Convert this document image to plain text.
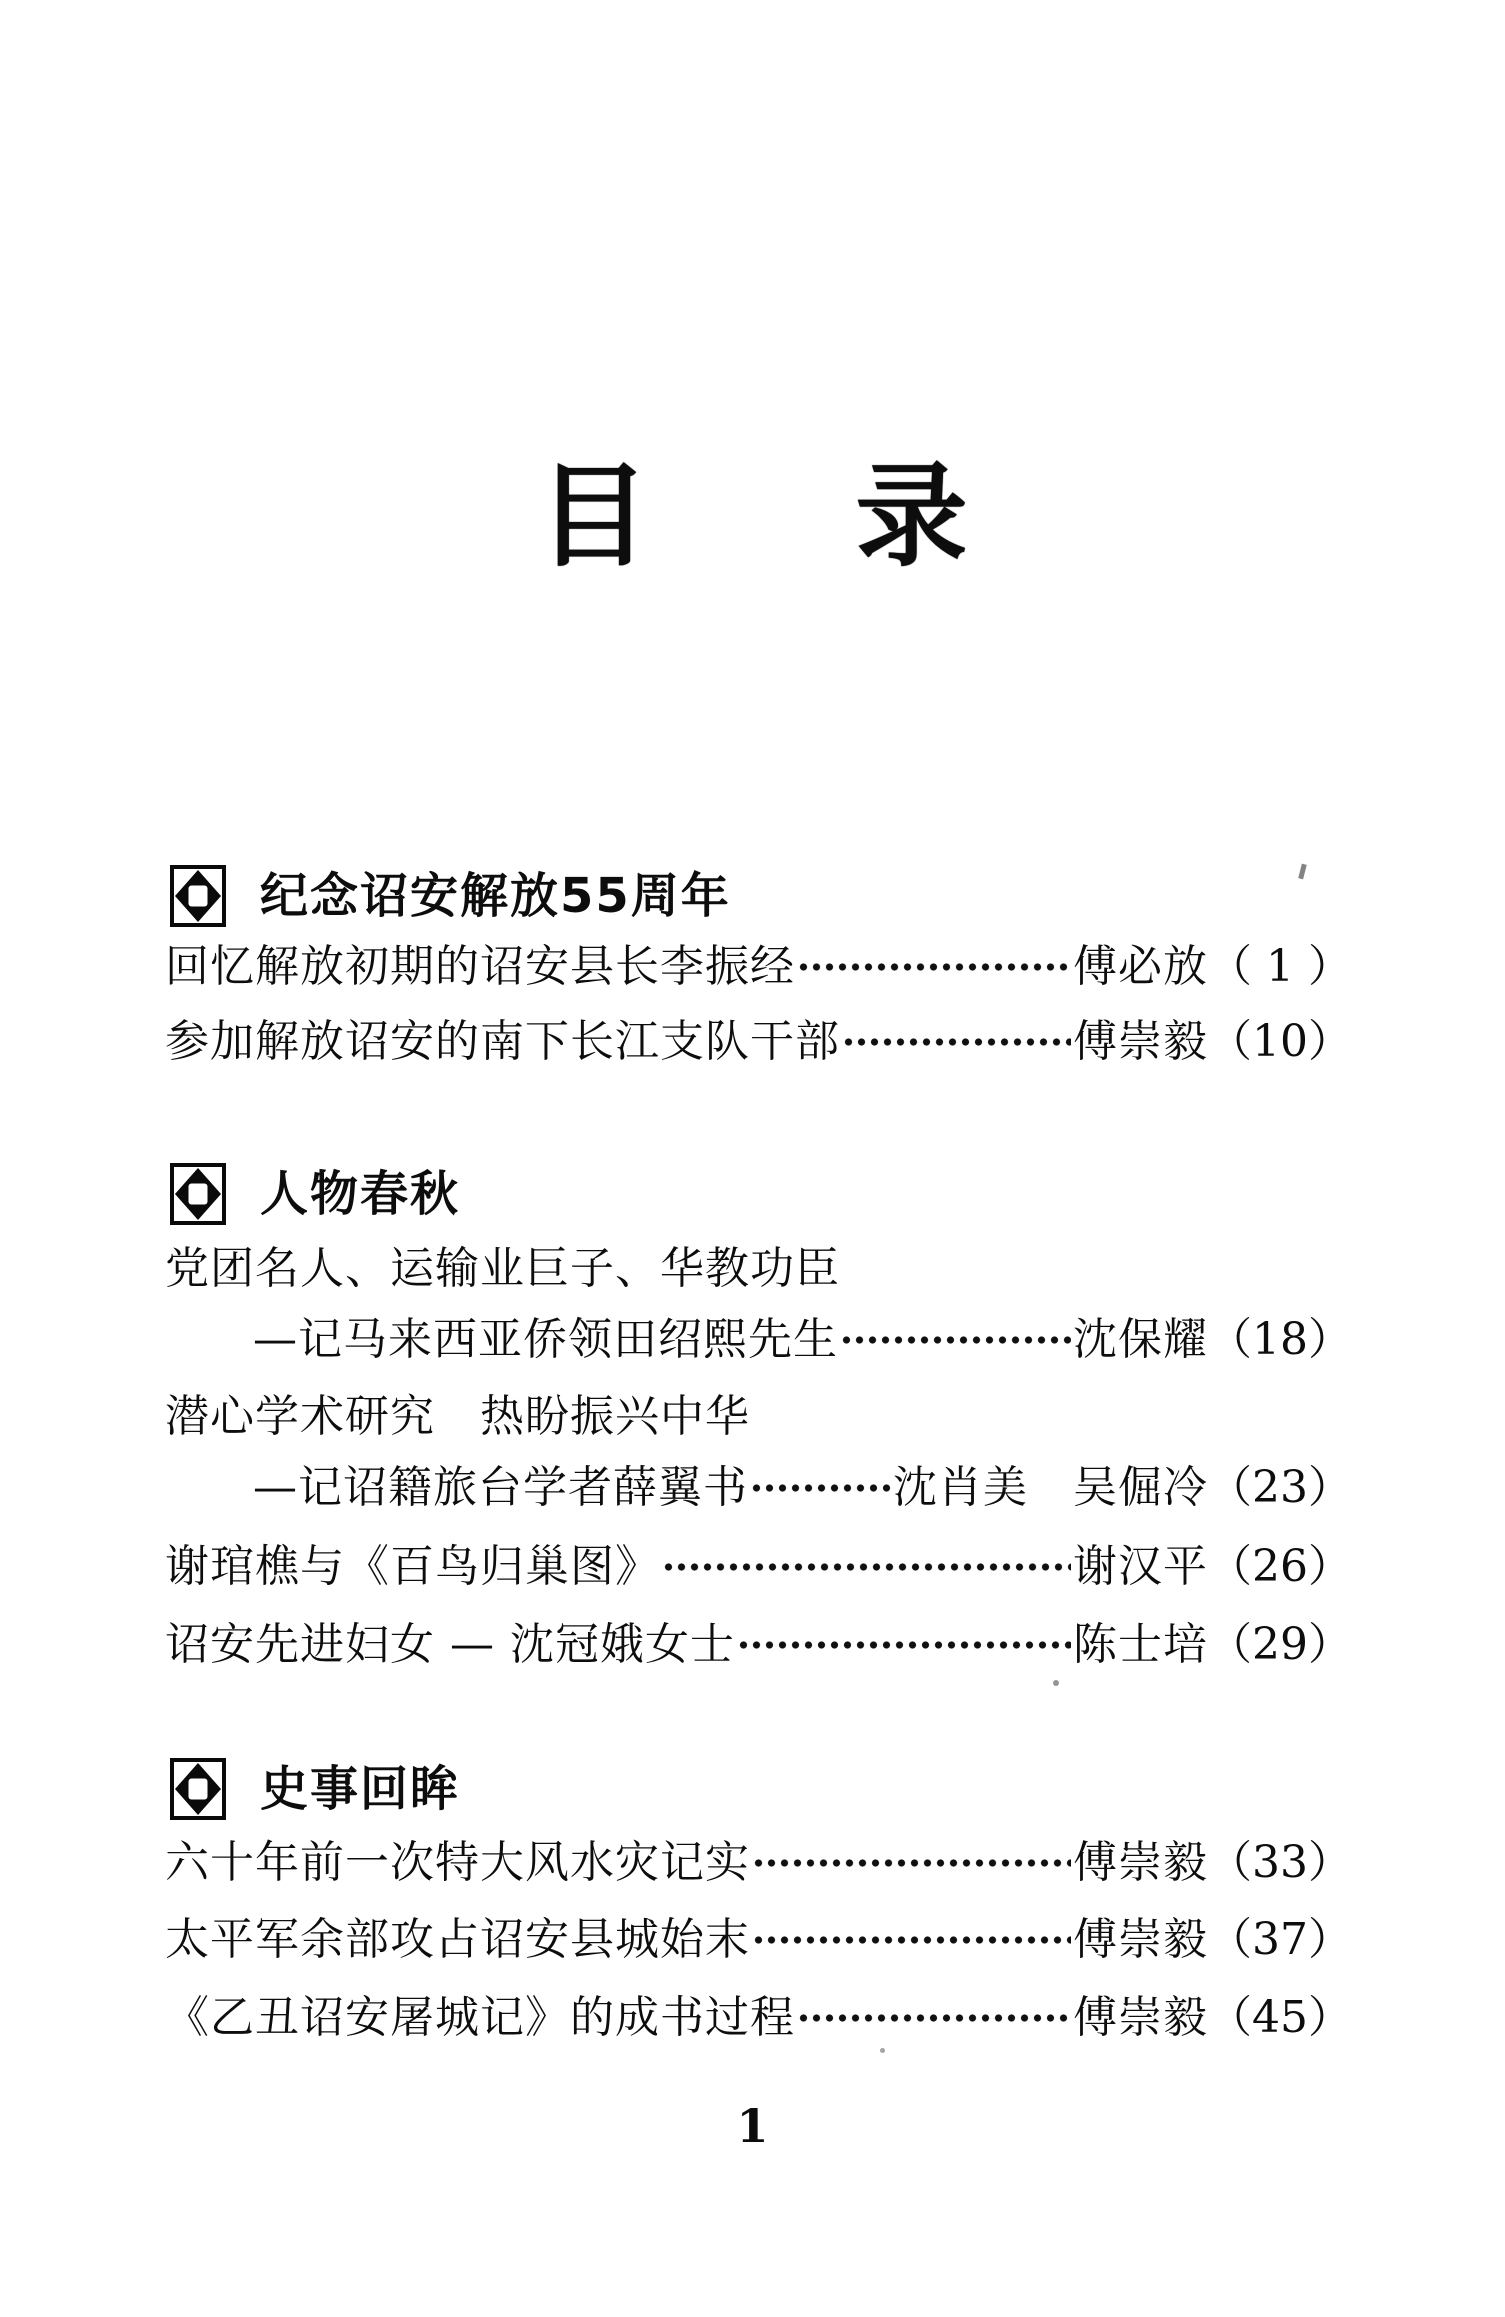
目 录
纪念诏安解放55周年
回忆解放初期的诏安县长李振经	傅必放 （ 1 ）
参加解放诏安的南下长江支队干部	傅崇毅 （10）
人物春秋
党团名人、运输业巨子、华教功臣
—记马来西亚侨领田绍熙先生	沈保耀 （18）
潜心学术研究　热盼振兴中华
—记诏籍旅台学者薛翼书	沈肖美　吴倔冷 （23）
谢琯樵与《百鸟归巢图》	谢汉平 （26）
诏安先进妇女 — 沈冠娥女士	陈士培 （29）
史事回眸
六十年前一次特大风水灾记实	傅崇毅 （33）
太平军余部攻占诏安县城始末	傅崇毅 （37）
《乙丑诏安屠城记》的成书过程	傅崇毅 （45）
1
